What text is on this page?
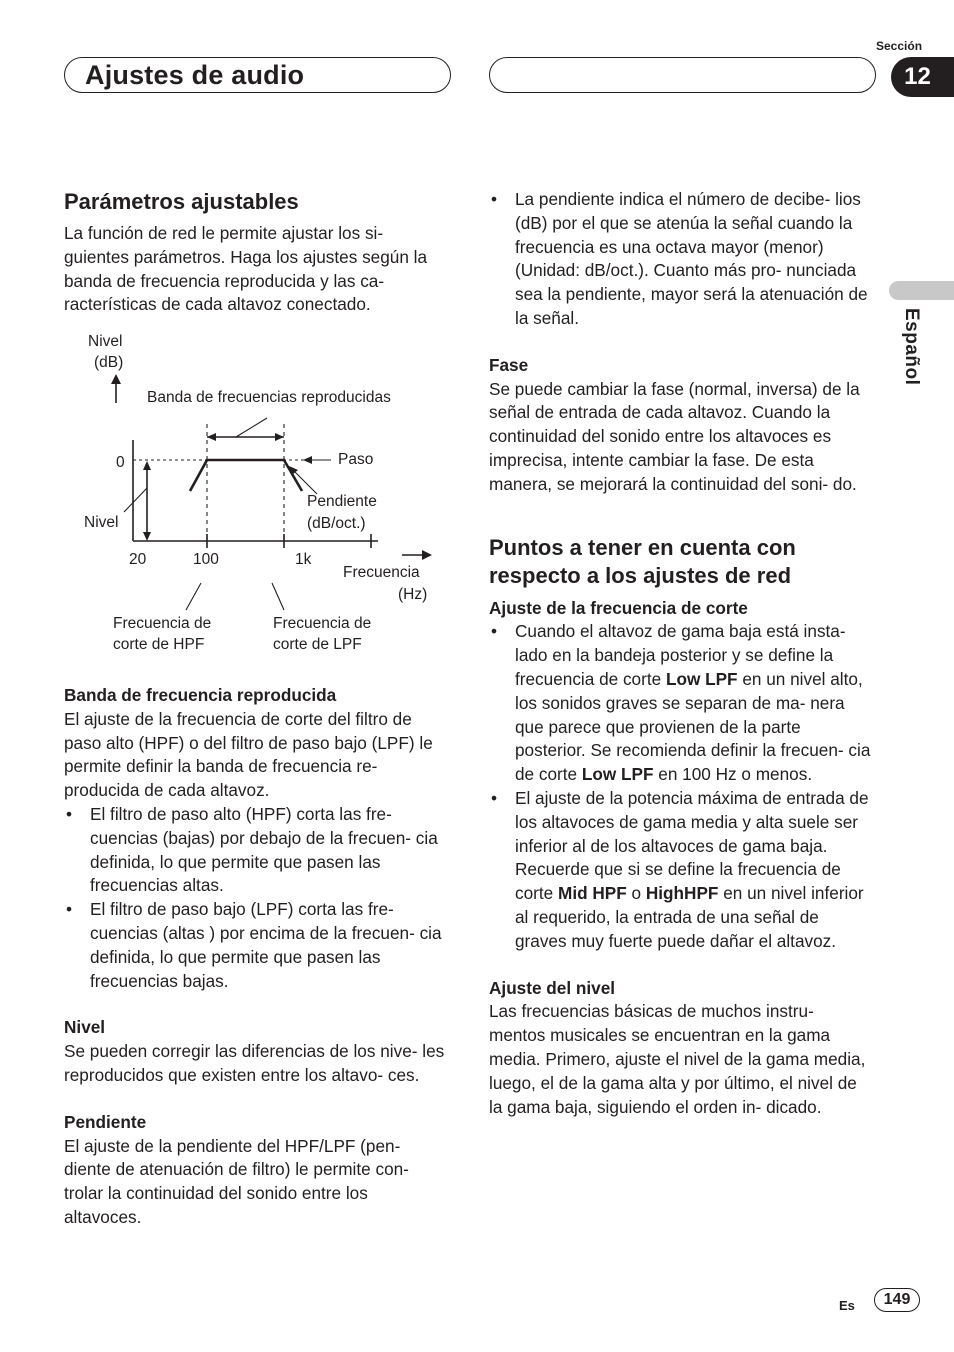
Ajustes de audio
Sección
12
Español
Parámetros ajustables

La función de red le permite ajustar los si- guientes parámetros. Haga los ajustes según la banda de frecuencia reproducida y las ca- racterísticas de cada altavoz conectado.

Nivel
(dB)
Banda de frecuencias reproducidas
0	Paso
Pendiente
(dB/oct.)
Nivel
20	100	1k
Frecuencia
(Hz)
Frecuencia de
corte de HPF
Frecuencia de
corte de LPF
Banda de frecuencia reproducida

El ajuste de la frecuencia de corte del filtro de paso alto (HPF) o del filtro de paso bajo (LPF) le permite definir la banda de frecuencia re- producida de cada altavoz.

• El filtro de paso alto (HPF) corta las fre- cuencias (bajas) por debajo de la frecuen- cia definida, lo que permite que pasen las frecuencias altas.
• El filtro de paso bajo (LPF) corta las fre- cuencias (altas ) por encima de la frecuen- cia definida, lo que permite que pasen las frecuencias bajas.
Nivel

Se pueden corregir las diferencias de los nive- les reproducidos que existen entre los altavo- ces.

Pendiente

El ajuste de la pendiente del HPF/LPF (pen- diente de atenuación de filtro) le permite con- trolar la continuidad del sonido entre los altavoces.

• La pendiente indica el número de decibe- lios (dB) por el que se atenúa la señal cuando la frecuencia es una octava mayor (menor) (Unidad: dB/oct.). Cuanto más pro- nunciada sea la pendiente, mayor será la atenuación de la señal.
Fase

Se puede cambiar la fase (normal, inversa) de la señal de entrada de cada altavoz. Cuando la continuidad del sonido entre los altavoces es imprecisa, intente cambiar la fase. De esta manera, se mejorará la continuidad del soni- do.

Puntos a tener en cuenta con respecto a los ajustes de red
Ajuste de la frecuencia de corte
• Cuando el altavoz de gama baja está insta- lado en la bandeja posterior y se define la frecuencia de corte Low LPF en un nivel alto, los sonidos graves se separan de ma- nera que parece que provienen de la parte posterior. Se recomienda definir la frecuen- cia de corte Low LPF en 100 Hz o menos.
• El ajuste de la potencia máxima de entrada de los altavoces de gama media y alta suele ser inferior al de los altavoces de gama baja. Recuerde que si se define la frecuencia de corte Mid HPF o HighHPF en un nivel inferior al requerido, la entrada de una señal de graves muy fuerte puede dañar el altavoz.
Ajuste del nivel

Las frecuencias básicas de muchos instru- mentos musicales se encuentran en la gama media. Primero, ajuste el nivel de la gama media, luego, el de la gama alta y por último, el nivel de la gama baja, siguiendo el orden in- dicado.

Es	149
